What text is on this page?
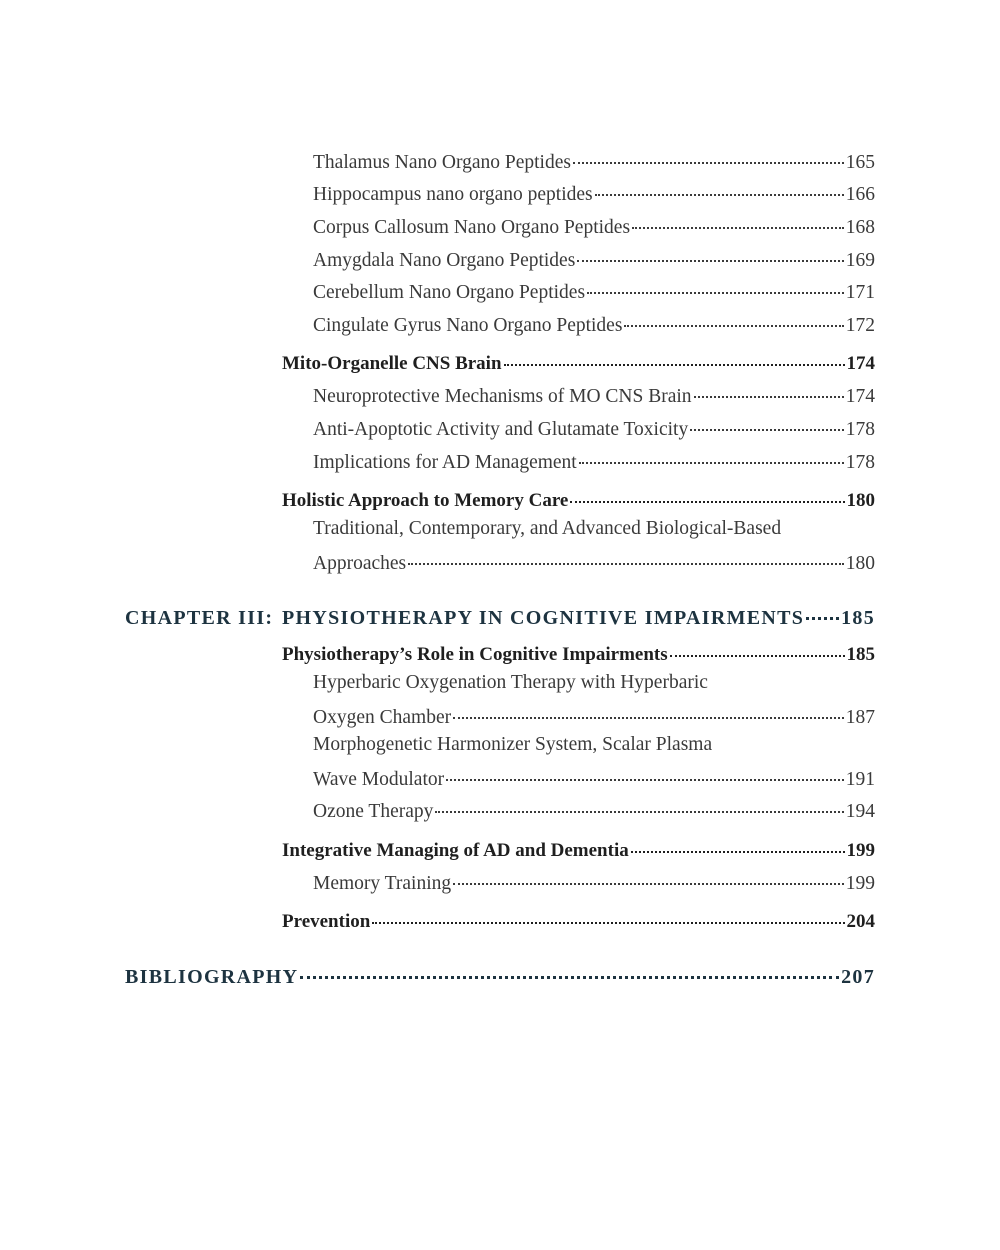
Thalamus Nano Organo Peptides	165
Hippocampus nano organo peptides	166
Corpus Callosum Nano Organo Peptides	168
Amygdala Nano Organo Peptides	169
Cerebellum Nano Organo Peptides	171
Cingulate Gyrus Nano Organo Peptides	172
Mito-Organelle CNS Brain	174
Neuroprotective Mechanisms of MO CNS Brain	174
Anti-Apoptotic Activity and Glutamate Toxicity	178
Implications for AD Management	178
Holistic Approach to Memory Care	180
Traditional, Contemporary, and Advanced Biological-Based
Approaches	180
CHAPTER III: PHYSIOTHERAPY IN COGNITIVE IMPAIRMENTS 185
Physiotherapy’s Role in Cognitive Impairments	185
Hyperbaric Oxygenation Therapy with Hyperbaric
Oxygen Chamber	187
Morphogenetic Harmonizer System, Scalar Plasma
Wave Modulator	191
Ozone Therapy	194
Integrative Managing of AD and Dementia	199
Memory Training	199
Prevention	204
BIBLIOGRAPHY	207
